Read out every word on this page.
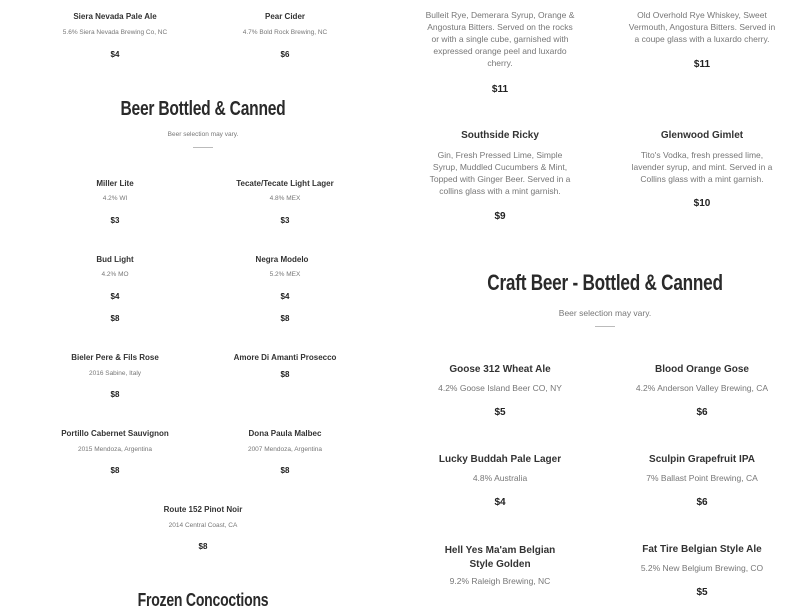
Siera Nevada Pale Ale
5.6% Siera Nevada Brewing Co, NC
$4
Pear Cider
4.7% Bold Rock Brewing, NC
$6
Beer Bottled & Canned
Beer selection may vary.
Miller Lite
4.2% WI
$3
Tecate/Tecate Light Lager
4.8% MEX
$3
Bud Light
4.2% MO
$4
Negra Modelo
5.2% MEX
$4
$8	$8
Bieler Pere & Fils Rose
2016 Sabine, Italy
$8
Amore Di Amanti Prosecco
$8
Portillo Cabernet Sauvignon
2015 Mendoza, Argentina
$8
Dona Paula Malbec
2007 Mendoza, Argentina
$8
Route 152 Pinot Noir
2014 Central Coast, CA
$8
Frozen Concoctions
Bulleit Rye, Demerara Syrup, Orange & Angostura Bitters. Served on the rocks or with a single cube, garnished with expressed orange peel and luxardo cherry.
$11
Old Overhold Rye Whiskey, Sweet Vermouth, Angostura Bitters. Served in a coupe glass with a luxardo cherry.
$11
Southside Ricky
Gin, Fresh Pressed Lime, Simple Syrup, Muddled Cucumbers & Mint, Topped with Ginger Beer. Served in a collins glass with a mint garnish.
$9
Glenwood Gimlet
Tito's Vodka, fresh pressed lime, lavender syrup, and mint. Served in a Collins glass with a mint garnish.
$10
Craft Beer - Bottled & Canned
Beer selection may vary.
Goose 312 Wheat Ale
4.2% Goose Island Beer CO, NY
$5
Blood Orange Gose
4.2% Anderson Valley Brewing, CA
$6
Lucky Buddah Pale Lager
4.8% Australia
$4
Sculpin Grapefruit IPA
7% Ballast Point Brewing, CA
$6
Hell Yes Ma'am Belgian Style Golden
9.2% Raleigh Brewing, NC
Fat Tire Belgian Style Ale
5.2% New Belgium Brewing, CO
$5
